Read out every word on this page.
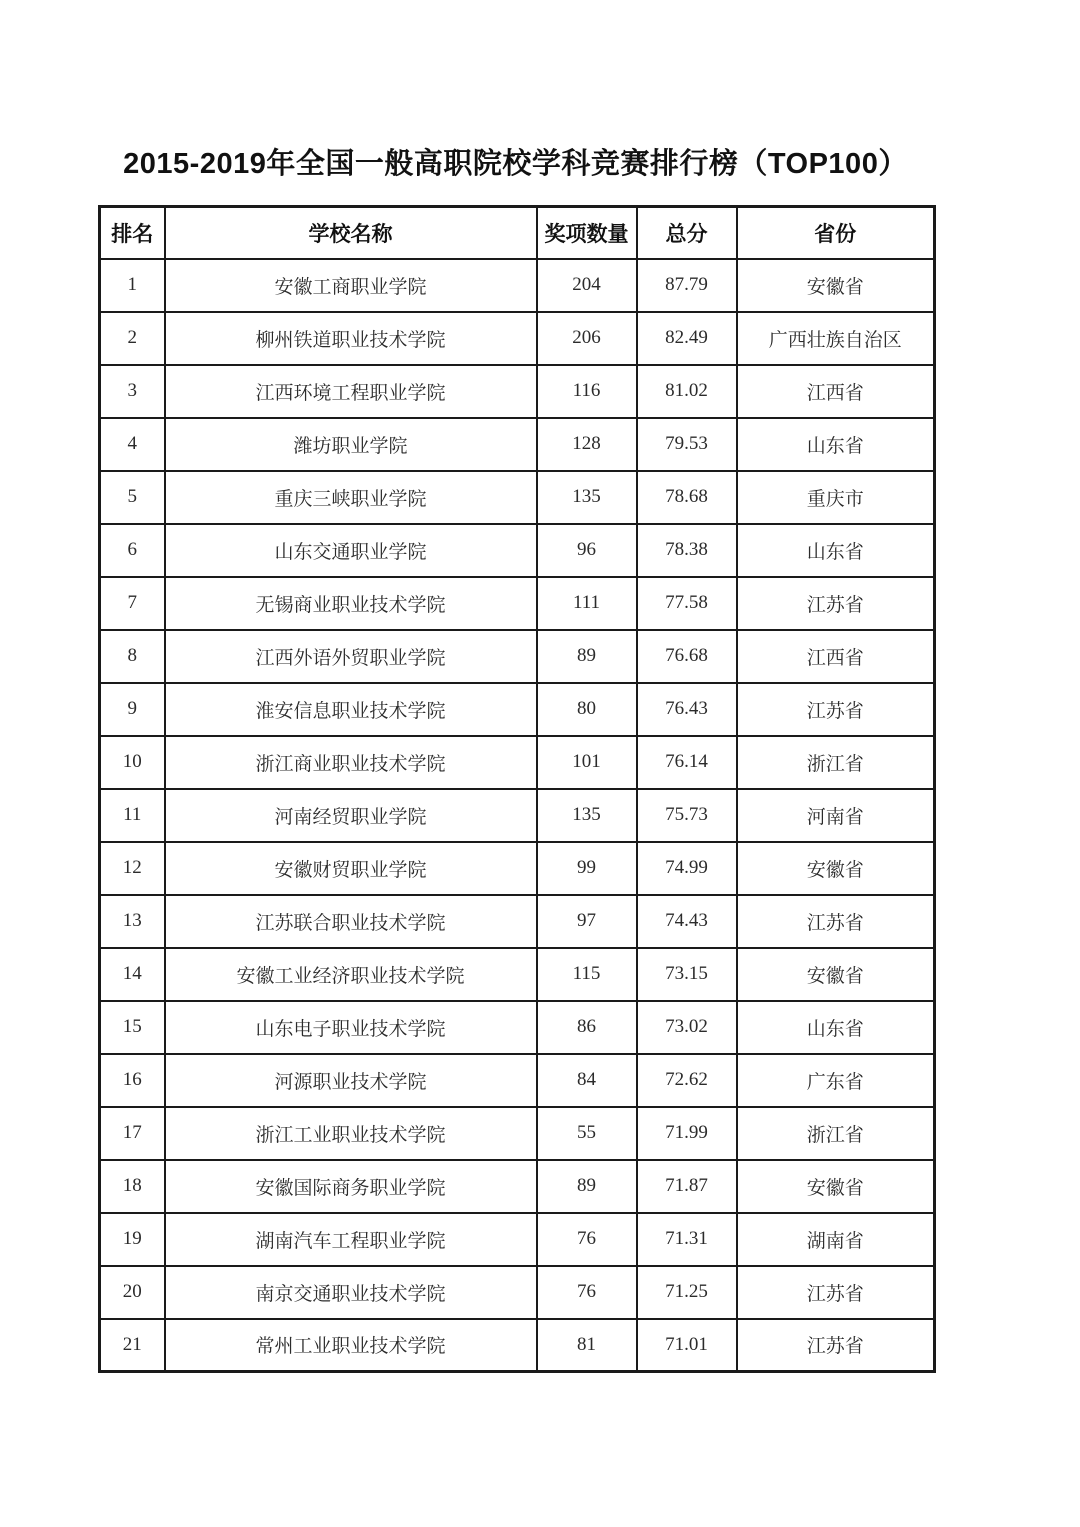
2015-2019年全国一般高职院校学科竞赛排行榜（TOP100）
排名	学校名称	奖项数量	总分	省份
1	安徽工商职业学院	204	87.79	安徽省
2	柳州铁道职业技术学院	206	82.49	广西壮族自治区
3	江西环境工程职业学院	116	81.02	江西省
4	潍坊职业学院	128	79.53	山东省
5	重庆三峡职业学院	135	78.68	重庆市
6	山东交通职业学院	96	78.38	山东省
7	无锡商业职业技术学院	111	77.58	江苏省
8	江西外语外贸职业学院	89	76.68	江西省
9	淮安信息职业技术学院	80	76.43	江苏省
10	浙江商业职业技术学院	101	76.14	浙江省
11	河南经贸职业学院	135	75.73	河南省
12	安徽财贸职业学院	99	74.99	安徽省
13	江苏联合职业技术学院	97	74.43	江苏省
14	安徽工业经济职业技术学院	115	73.15	安徽省
15	山东电子职业技术学院	86	73.02	山东省
16	河源职业技术学院	84	72.62	广东省
17	浙江工业职业技术学院	55	71.99	浙江省
18	安徽国际商务职业学院	89	71.87	安徽省
19	湖南汽车工程职业学院	76	71.31	湖南省
20	南京交通职业技术学院	76	71.25	江苏省
21	常州工业职业技术学院	81	71.01	江苏省
